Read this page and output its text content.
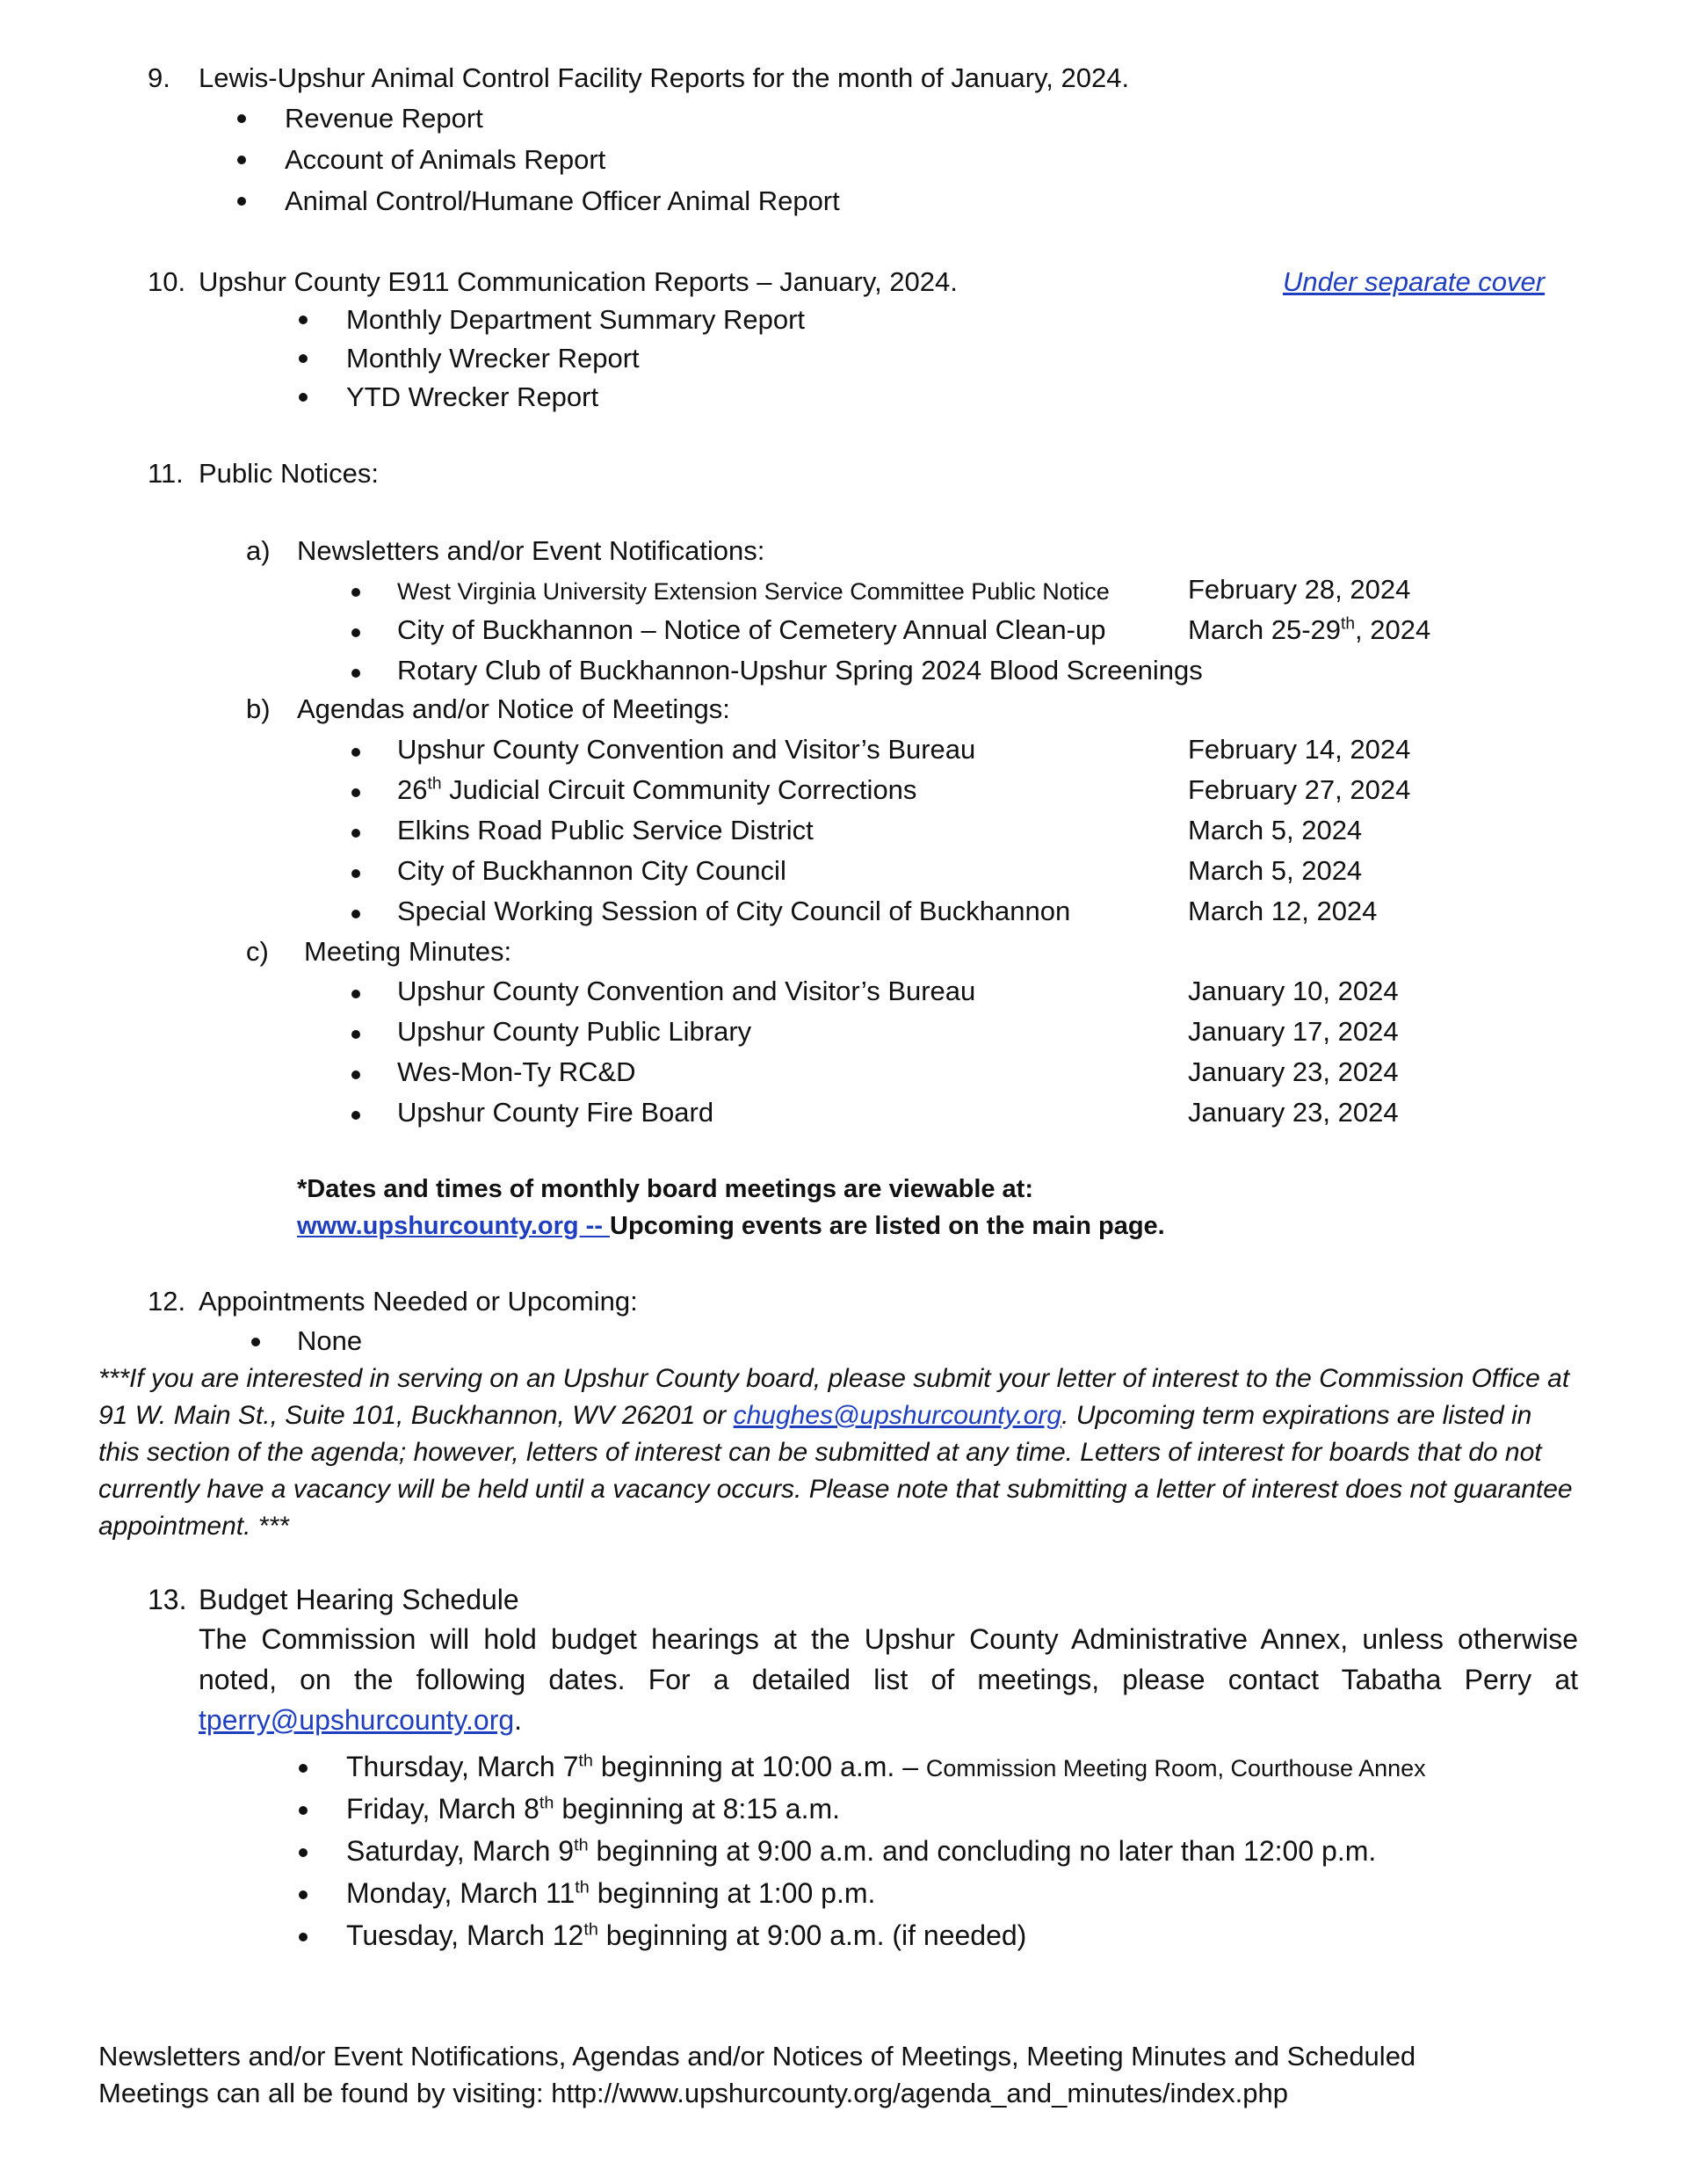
9. Lewis-Upshur Animal Control Facility Reports for the month of January, 2024.
Revenue Report
Account of Animals Report
Animal Control/Humane Officer Animal Report
10. Upshur County E911 Communication Reports – January, 2024.	Under separate cover
Monthly Department Summary Report
Monthly Wrecker Report
YTD Wrecker Report
11. Public Notices:
a) Newsletters and/or Event Notifications:
West Virginia University Extension Service Committee Public Notice	February 28, 2024
City of Buckhannon – Notice of Cemetery Annual Clean-up	March 25-29th, 2024
Rotary Club of Buckhannon-Upshur Spring 2024 Blood Screenings
b) Agendas and/or Notice of Meetings:
Upshur County Convention and Visitor’s Bureau	February 14, 2024
26th Judicial Circuit Community Corrections	February 27, 2024
Elkins Road Public Service District	March 5, 2024
City of Buckhannon City Council	March 5, 2024
Special Working Session of City Council of Buckhannon	March 12, 2024
c) Meeting Minutes:
Upshur County Convention and Visitor’s Bureau	January 10, 2024
Upshur County Public Library	January 17, 2024
Wes-Mon-Ty RC&D	January 23, 2024
Upshur County Fire Board	January 23, 2024
*Dates and times of monthly board meetings are viewable at:
www.upshurcounty.org -- Upcoming events are listed on the main page.
12. Appointments Needed or Upcoming:
None
***If you are interested in serving on an Upshur County board, please submit your letter of interest to the Commission Office at 91 W. Main St., Suite 101, Buckhannon, WV 26201 or chughes@upshurcounty.org. Upcoming term expirations are listed in this section of the agenda; however, letters of interest can be submitted at any time. Letters of interest for boards that do not currently have a vacancy will be held until a vacancy occurs. Please note that submitting a letter of interest does not guarantee appointment. ***
13. Budget Hearing Schedule
The Commission will hold budget hearings at the Upshur County Administrative Annex, unless otherwise noted, on the following dates. For a detailed list of meetings, please contact Tabatha Perry at tperry@upshurcounty.org.
Thursday, March 7th beginning at 10:00 a.m. – Commission Meeting Room, Courthouse Annex
Friday, March 8th beginning at 8:15 a.m.
Saturday, March 9th beginning at 9:00 a.m. and concluding no later than 12:00 p.m.
Monday, March 11th beginning at 1:00 p.m.
Tuesday, March 12th beginning at 9:00 a.m. (if needed)
Newsletters and/or Event Notifications, Agendas and/or Notices of Meetings, Meeting Minutes and Scheduled
Meetings can all be found by visiting: http://www.upshurcounty.org/agenda_and_minutes/index.php
